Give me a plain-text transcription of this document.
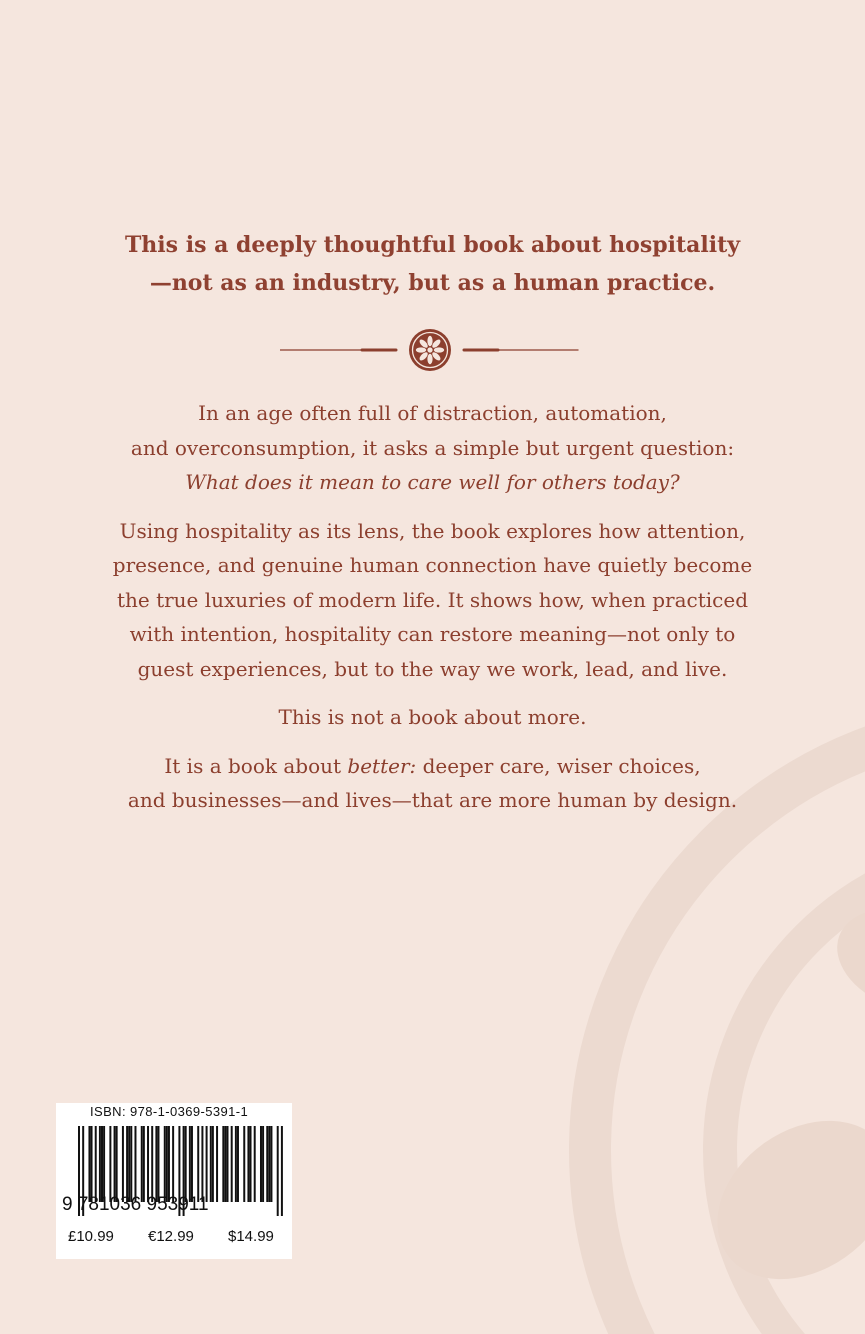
This is a deeply thoughtful book about hospitality
—not as an industry, but as a human practice.
In an age often full of distraction, automation,
and overconsumption, it asks a simple but urgent question:
What does it mean to care well for others today?
Using hospitality as its lens, the book explores how attention,
presence, and genuine human connection have quietly become
the true luxuries of modern life. It shows how, when practiced
with intention, hospitality can restore meaning—not only to
guest experiences, but to the way we work, lead, and live.
This is not a book about more.
It is a book about better: deeper care, wiser choices,
and businesses—and lives—that are more human by design.
ISBN: 978-1-0369-5391-1
9 781036 953911
£10.99 €12.99 $14.99
